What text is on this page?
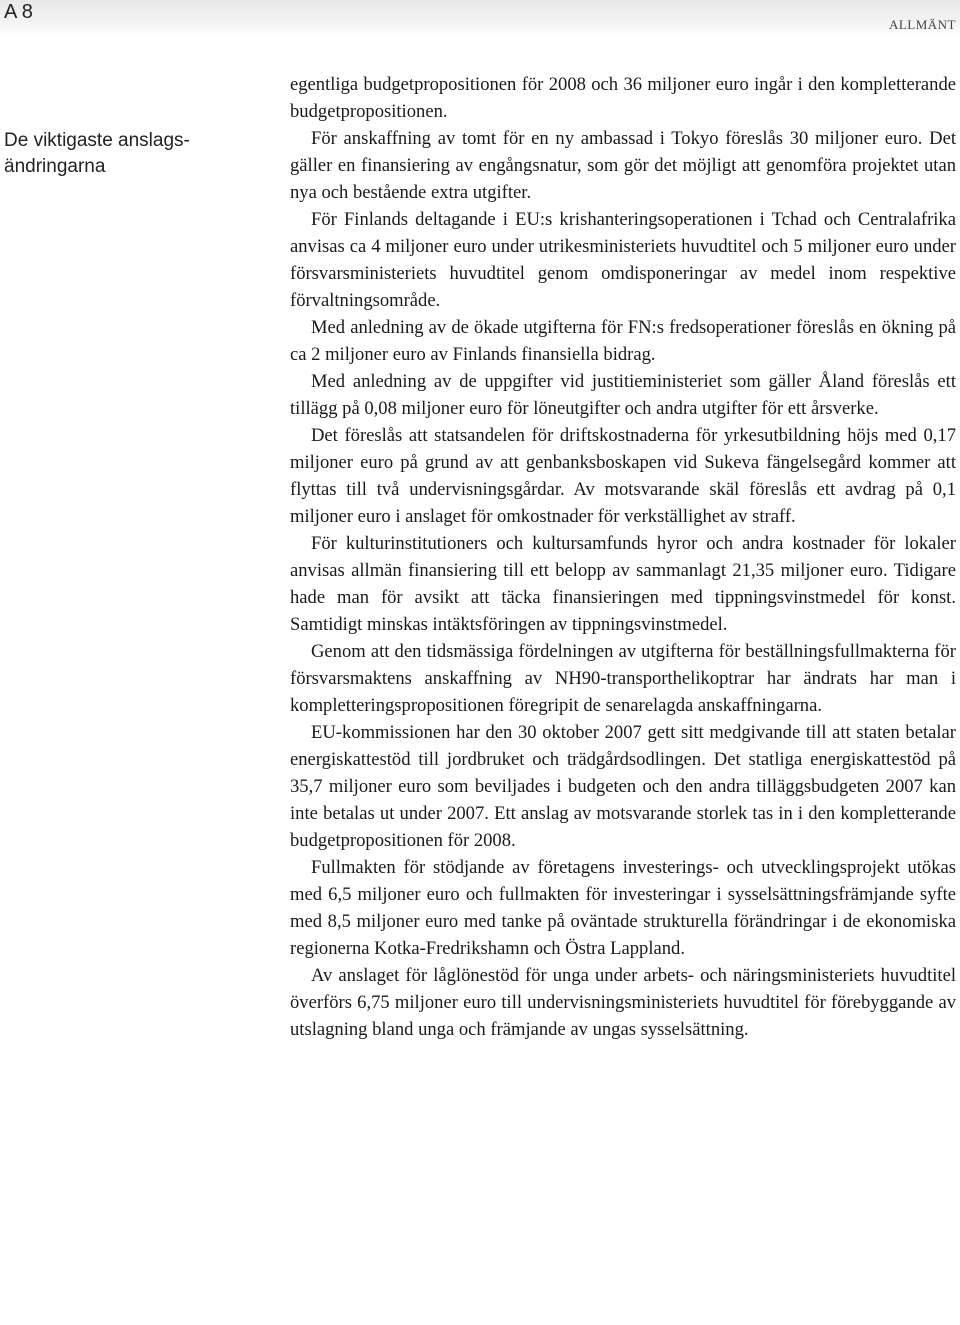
A 8
ALLMÄNT
De viktigaste anslags-ändringarna

egentliga budgetpropositionen för 2008 och 36 miljoner euro ingår i den kompletterande budgetpropositionen.

För anskaffning av tomt för en ny ambassad i Tokyo föreslås 30 miljoner euro. Det gäller en finansiering av engångsnatur, som gör det möjligt att genomföra projektet utan nya och bestående extra utgifter.

För Finlands deltagande i EU:s krishanteringsoperationen i Tchad och Centralafrika anvisas ca 4 miljoner euro under utrikesministeriets huvudtitel och 5 miljoner euro under försvarsministeriets huvudtitel genom omdisponeringar av medel inom respektive förvaltningsområde.

Med anledning av de ökade utgifterna för FN:s fredsoperationer föreslås en ökning på ca 2 miljoner euro av Finlands finansiella bidrag.

Med anledning av de uppgifter vid justitieministeriet som gäller Åland föreslås ett tillägg på 0,08 miljoner euro för löneutgifter och andra utgifter för ett årsverke.

Det föreslås att statsandelen för driftskostnaderna för yrkesutbildning höjs med 0,17 miljoner euro på grund av att genbanksboskapen vid Sukeva fängelsegård kommer att flyttas till två undervisningsgårdar. Av motsvarande skäl föreslås ett avdrag på 0,1 miljoner euro i anslaget för omkostnader för verkställighet av straff.

För kulturinstitutioners och kultursamfunds hyror och andra kostnader för lokaler anvisas allmän finansiering till ett belopp av sammanlagt 21,35 miljoner euro. Tidigare hade man för avsikt att täcka finansieringen med tippningsvinstmedel för konst. Samtidigt minskas intäktsföringen av tippningsvinstmedel.

Genom att den tidsmässiga fördelningen av utgifterna för beställningsfullmakterna för försvarsmaktens anskaffning av NH90-transporthelikoptrar har ändrats har man i kompletteringspropositionen föregripit de senarelagda anskaffningarna.

EU-kommissionen har den 30 oktober 2007 gett sitt medgivande till att staten betalar energiskattestöd till jordbruket och trädgårdsodlingen. Det statliga energiskattestöd på 35,7 miljoner euro som beviljades i budgeten och den andra tilläggsbudgeten 2007 kan inte betalas ut under 2007. Ett anslag av motsvarande storlek tas in i den kompletterande budgetpropositionen för 2008.

Fullmakten för stödjande av företagens investerings- och utvecklingsprojekt utökas med 6,5 miljoner euro och fullmakten för investeringar i sysselsättningsfrämjande syfte med 8,5 miljoner euro med tanke på oväntade strukturella förändringar i de ekonomiska regionerna Kotka-Fredrikshamn och Östra Lappland.

Av anslaget för låglönestöd för unga under arbets- och näringsministeriets huvudtitel överförs 6,75 miljoner euro till undervisningsministeriets huvudtitel för förebyggande av utslagning bland unga och främjande av ungas sysselsättning.
